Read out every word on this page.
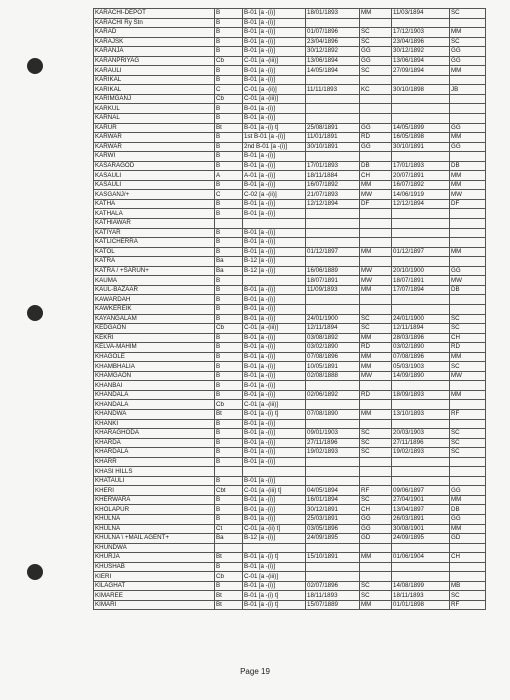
KARACHI-DEPOT	B	B-01 [a -(i)]	18/01/1893	MM	11/03/1894	SC
KARACHI Ry Stn	B	B-01 [a -(i)]				
KARAD	B	B-01 [a -(i)]	01/07/1896	SC	17/12/1903	MM
KARAJSK	B	B-01 [a -(i)]	23/04/1896	SC	23/04/1896	SC
KARANJA	B	B-01 [a -(i)]	30/12/1892	GG	30/12/1892	GG
KARANPRIYAG	Cb	C-01 [a -(iii)]	13/06/1894	GG	13/06/1894	GG
KARAULI	B	B-01 [a -(i)]	14/05/1894	SC	27/09/1894	MM
KARIKAL	B	B-01 [a -(i)]				
KARIKAL	C	C-01 [a -(ii)]	11/11/1893	KC	30/10/1898	JB
KARIMGANJ	Cb	C-01 [a -(iii)]				
KARKUL	B	B-01 [a -(i)]				
KARNAL	B	B-01 [a -(i)]				
KARUR	Bt	B-01 [a -(i) t]	25/08/1891	GG	14/05/1899	GG
KARWAR	B	1st B-01 [a -(i)]	11/01/1891	RD	16/05/1898	MM
KARWAR	B	2nd B-01 [a -(i)]	30/10/1891	GG	30/10/1891	GG
KARWI	B	B-01 [a -(i)]				
KASARAGOD	B	B-01 [a -(i)]	17/01/1893	DB	17/01/1893	DB
KASAULI	A	A-01 [a -(i)]	18/11/1884	CH	20/07/1891	MM
KASAULI	B	B-01 [a -(i)]	16/07/1892	MM	16/07/1892	MM
KASGANJ/+	C	C-02 [a -(ii)]	21/07/1893	MW	14/06/1919	MW
KATHA	B	B-01 [a -(i)]	12/12/1894	DF	12/12/1894	DF
KATHALA	B	B-01 [a -(i)]				
KATHIAWAR						
KATIYAR	B	B-01 [a -(i)]				
KATLICHERRA	B	B-01 [a -(i)]				
KATOL	B	B-01 [a -(i)]	01/12/1897	MM	01/12/1897	MM
KATRA	Ba	B-12 [a -(i)]				
KATRA / +SARUN+	Ba	B-12 [a -(i)]	16/06/1889	MW	20/10/1900	GG
KAUMA	B		18/07/1891	MW	18/07/1891	MW
KAUL-BAZAAR	B	B-01 [a -(i)]	11/09/1893	MM	17/07/1894	DB
KAWARDAH	B	B-01 [a -(i)]				
KAWKEREIK	B	B-01 [a -(i)]				
KAYANGALAM	B	B-01 [a -(i)]	24/01/1900	SC	24/01/1900	SC
KEDGAON	Cb	C-01 [a -(iii)]	12/11/1894	SC	12/11/1894	SC
KEKRI	B	B-01 [a -(i)]	03/08/1892	MM	28/03/1896	CH
KELVA-MAHIM	B	B-01 [a -(i)]	03/02/1890	RD	03/02/1890	RD
KHAGOLE	B	B-01 [a -(i)]	07/08/1896	MM	07/08/1896	MM
KHAMBHALIA	B	B-01 [a -(i)]	10/05/1891	MM	05/03/1903	SC
KHAMGAON	B	B-01 [a -(i)]	02/08/1888	MW	14/09/1890	MW
KHANBAI	B	B-01 [a -(i)]				
KHANDALA	B	B-01 [a -(i)]	02/06/1892	RD	18/09/1893	MM
KHANDALA	Cb	C-01 [a -(iii)]				
KHANDWA	Bt	B-01 [a -(i) t]	07/08/1890	MM	13/10/1893	RF
KHANKI	B	B-01 [a -(i)]				
KHARAGHODA	B	B-01 [a -(i)]	09/01/1903	SC	20/03/1903	SC
KHARDA	B	B-01 [a -(i)]	27/11/1896	SC	27/11/1896	SC
KHARDALA	B	B-01 [a -(i)]	19/02/1893	SC	19/02/1893	SC
KHARR	B	B-01 [a -(i)]				
KHASI HILLS						
KHATAULI	B	B-01 [a -(i)]				
KHERI	Cbt	C-01 [a -(iii) t]	04/05/1894	RF	09/06/1897	GG
KHERWARA	B	B-01 [a -(i)]	16/01/1894	SC	27/04/1901	MM
KHOLAPUR	B	B-01 [a -(i)]	30/12/1891	CH	13/04/1897	DB
KHULNA	B	B-01 [a -(i)]	25/03/1891	GG	26/03/1891	GG
KHULNA	Ct	C-01 [a -(ii) t]	03/05/1896	GG	30/08/1901	MM
KHULNA \ +MAIL AGENT+	Ba	B-12 [a -(i)]	24/09/1895	GD	24/09/1895	GD
KHUNDWA						
KHURJA	Bt	B-01 [a -(i) t]	15/10/1891	MM	01/06/1904	CH
KHUSHAB	B	B-01 [a -(i)]				
KIERI	Cb	C-01 [a -(iii)]				
KILAGHAT	B	B-01 [a -(i)]	02/07/1896	SC	14/08/1899	MB
KIMAREE	Bt	B-01 [a -(i) t]	18/11/1893	SC	18/11/1893	SC
KIMARI	Bt	B-01 [a -(i) t]	15/07/1889	MM	01/01/1898	RF
Page 19
